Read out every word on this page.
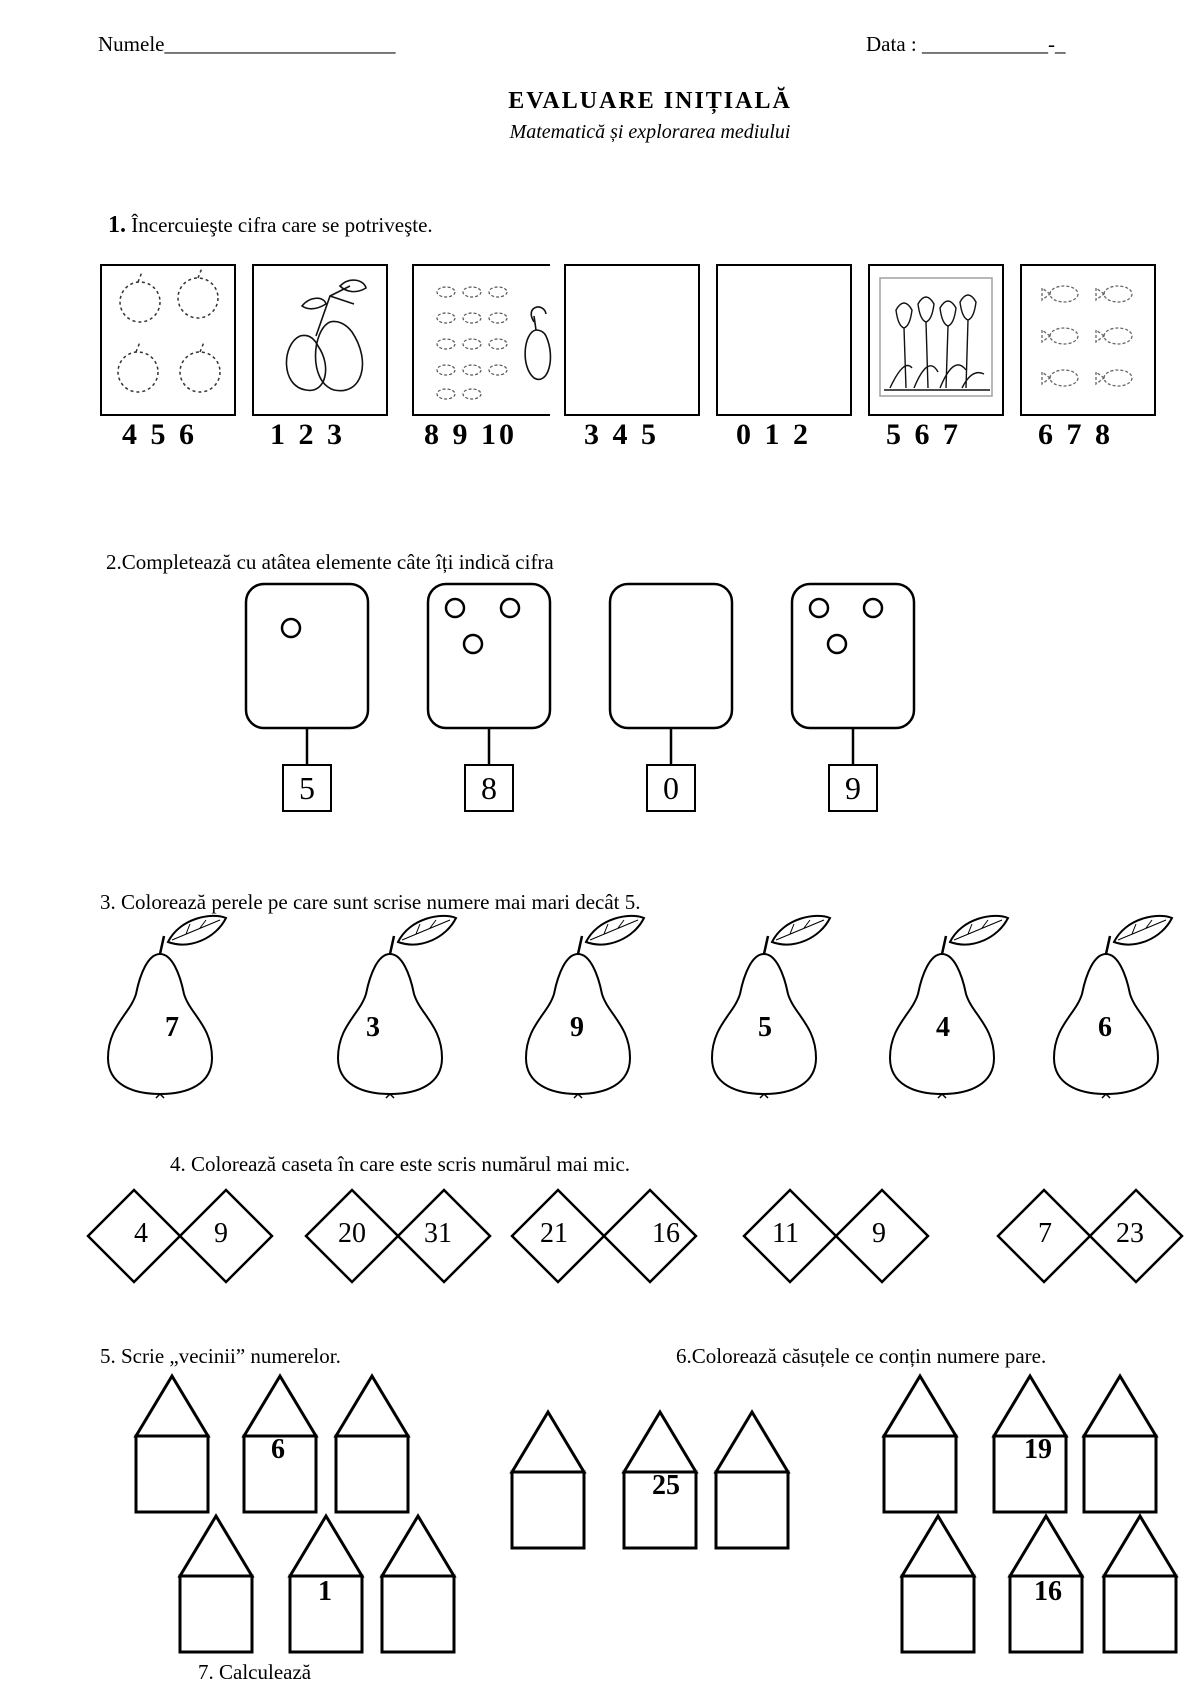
Numele______________________	Data : ____________-_
EVALUARE INIȚIALĂ
Matematică și explorarea mediului
1. Încercuieşte cifra care se potriveşte.
4 5 6 1 2 3	8 9 10 3 4 5	0 1 2	5 6 7	6 7 8
2.Completează cu atâtea elemente câte îți indică cifra
5	8	0	9
3. Colorează perele pe care sunt scrise numere mai mari decât 5.
7	3	9	5	4	6
4. Colorează caseta în care este scris numărul mai mic.
4 9	20 31	21	16	11	9	7 23
5. Scrie „vecinii” numerelor.	6.Colorează căsuțele ce conțin numere pare.
6
25
1
19
16
7. Calculează
